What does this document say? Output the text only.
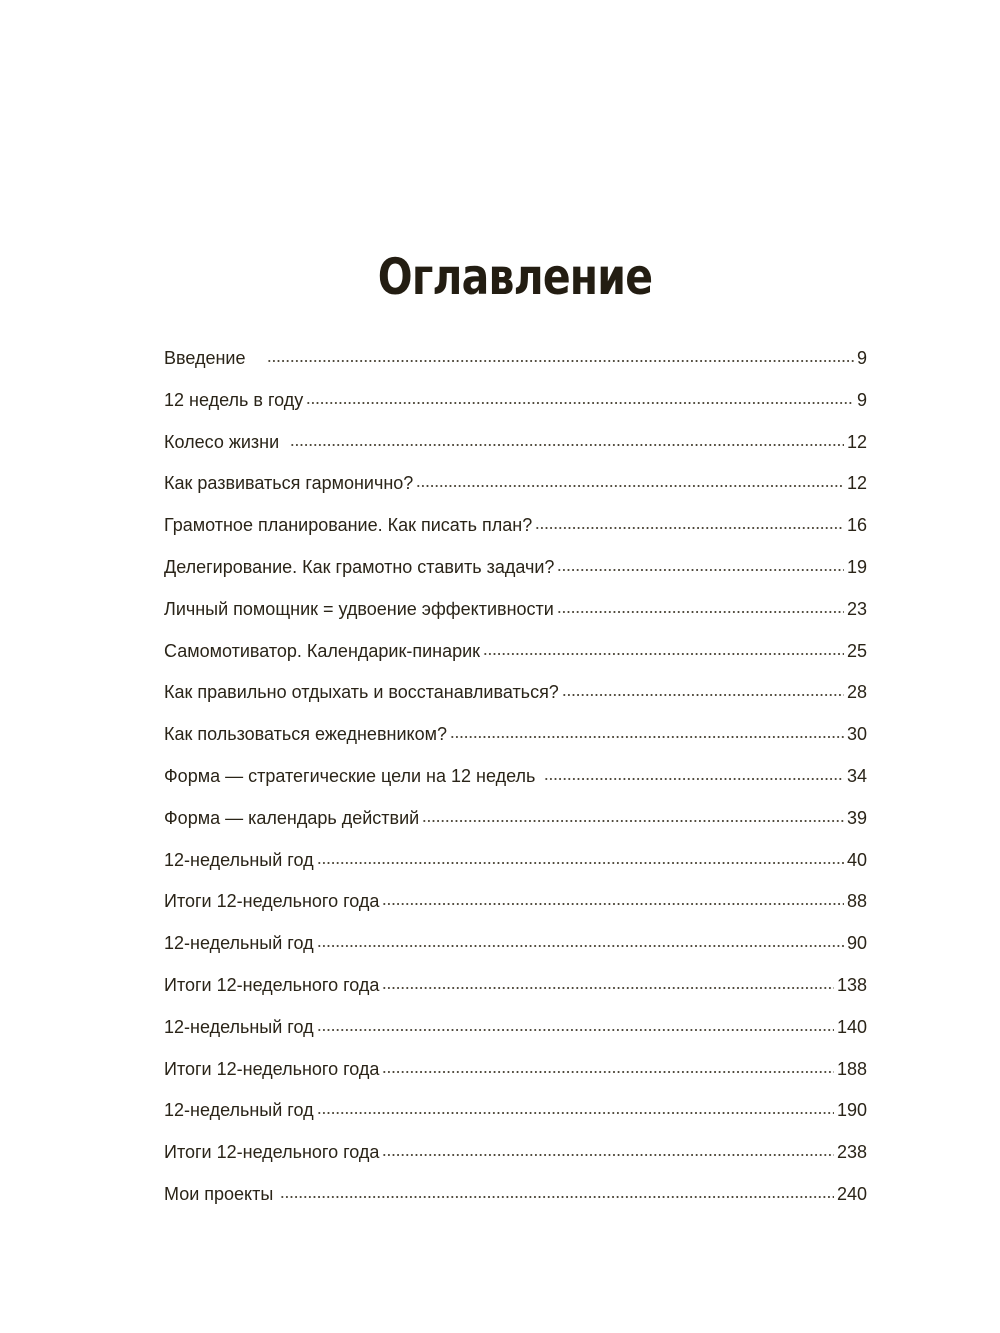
Оглавление
Введение	9
12 недель в году	9
Колесо жизни	12
Как развиваться гармонично?	12
Грамотное планирование. Как писать план?	16
Делегирование. Как грамотно ставить задачи?	19
Личный помощник = удвоение эффективности	23
Самомотиватор. Календарик-пинарик	25
Как правильно отдыхать и восстанавливаться?	28
Как пользоваться ежедневником?	30
Форма — стратегические цели на 12 недель	34
Форма — календарь действий	39
12-недельный год	40
Итоги 12-недельного года	88
12-недельный год	90
Итоги 12-недельного года	138
12-недельный год	140
Итоги 12-недельного года	188
12-недельный год	190
Итоги 12-недельного года	238
Мои проекты	240
